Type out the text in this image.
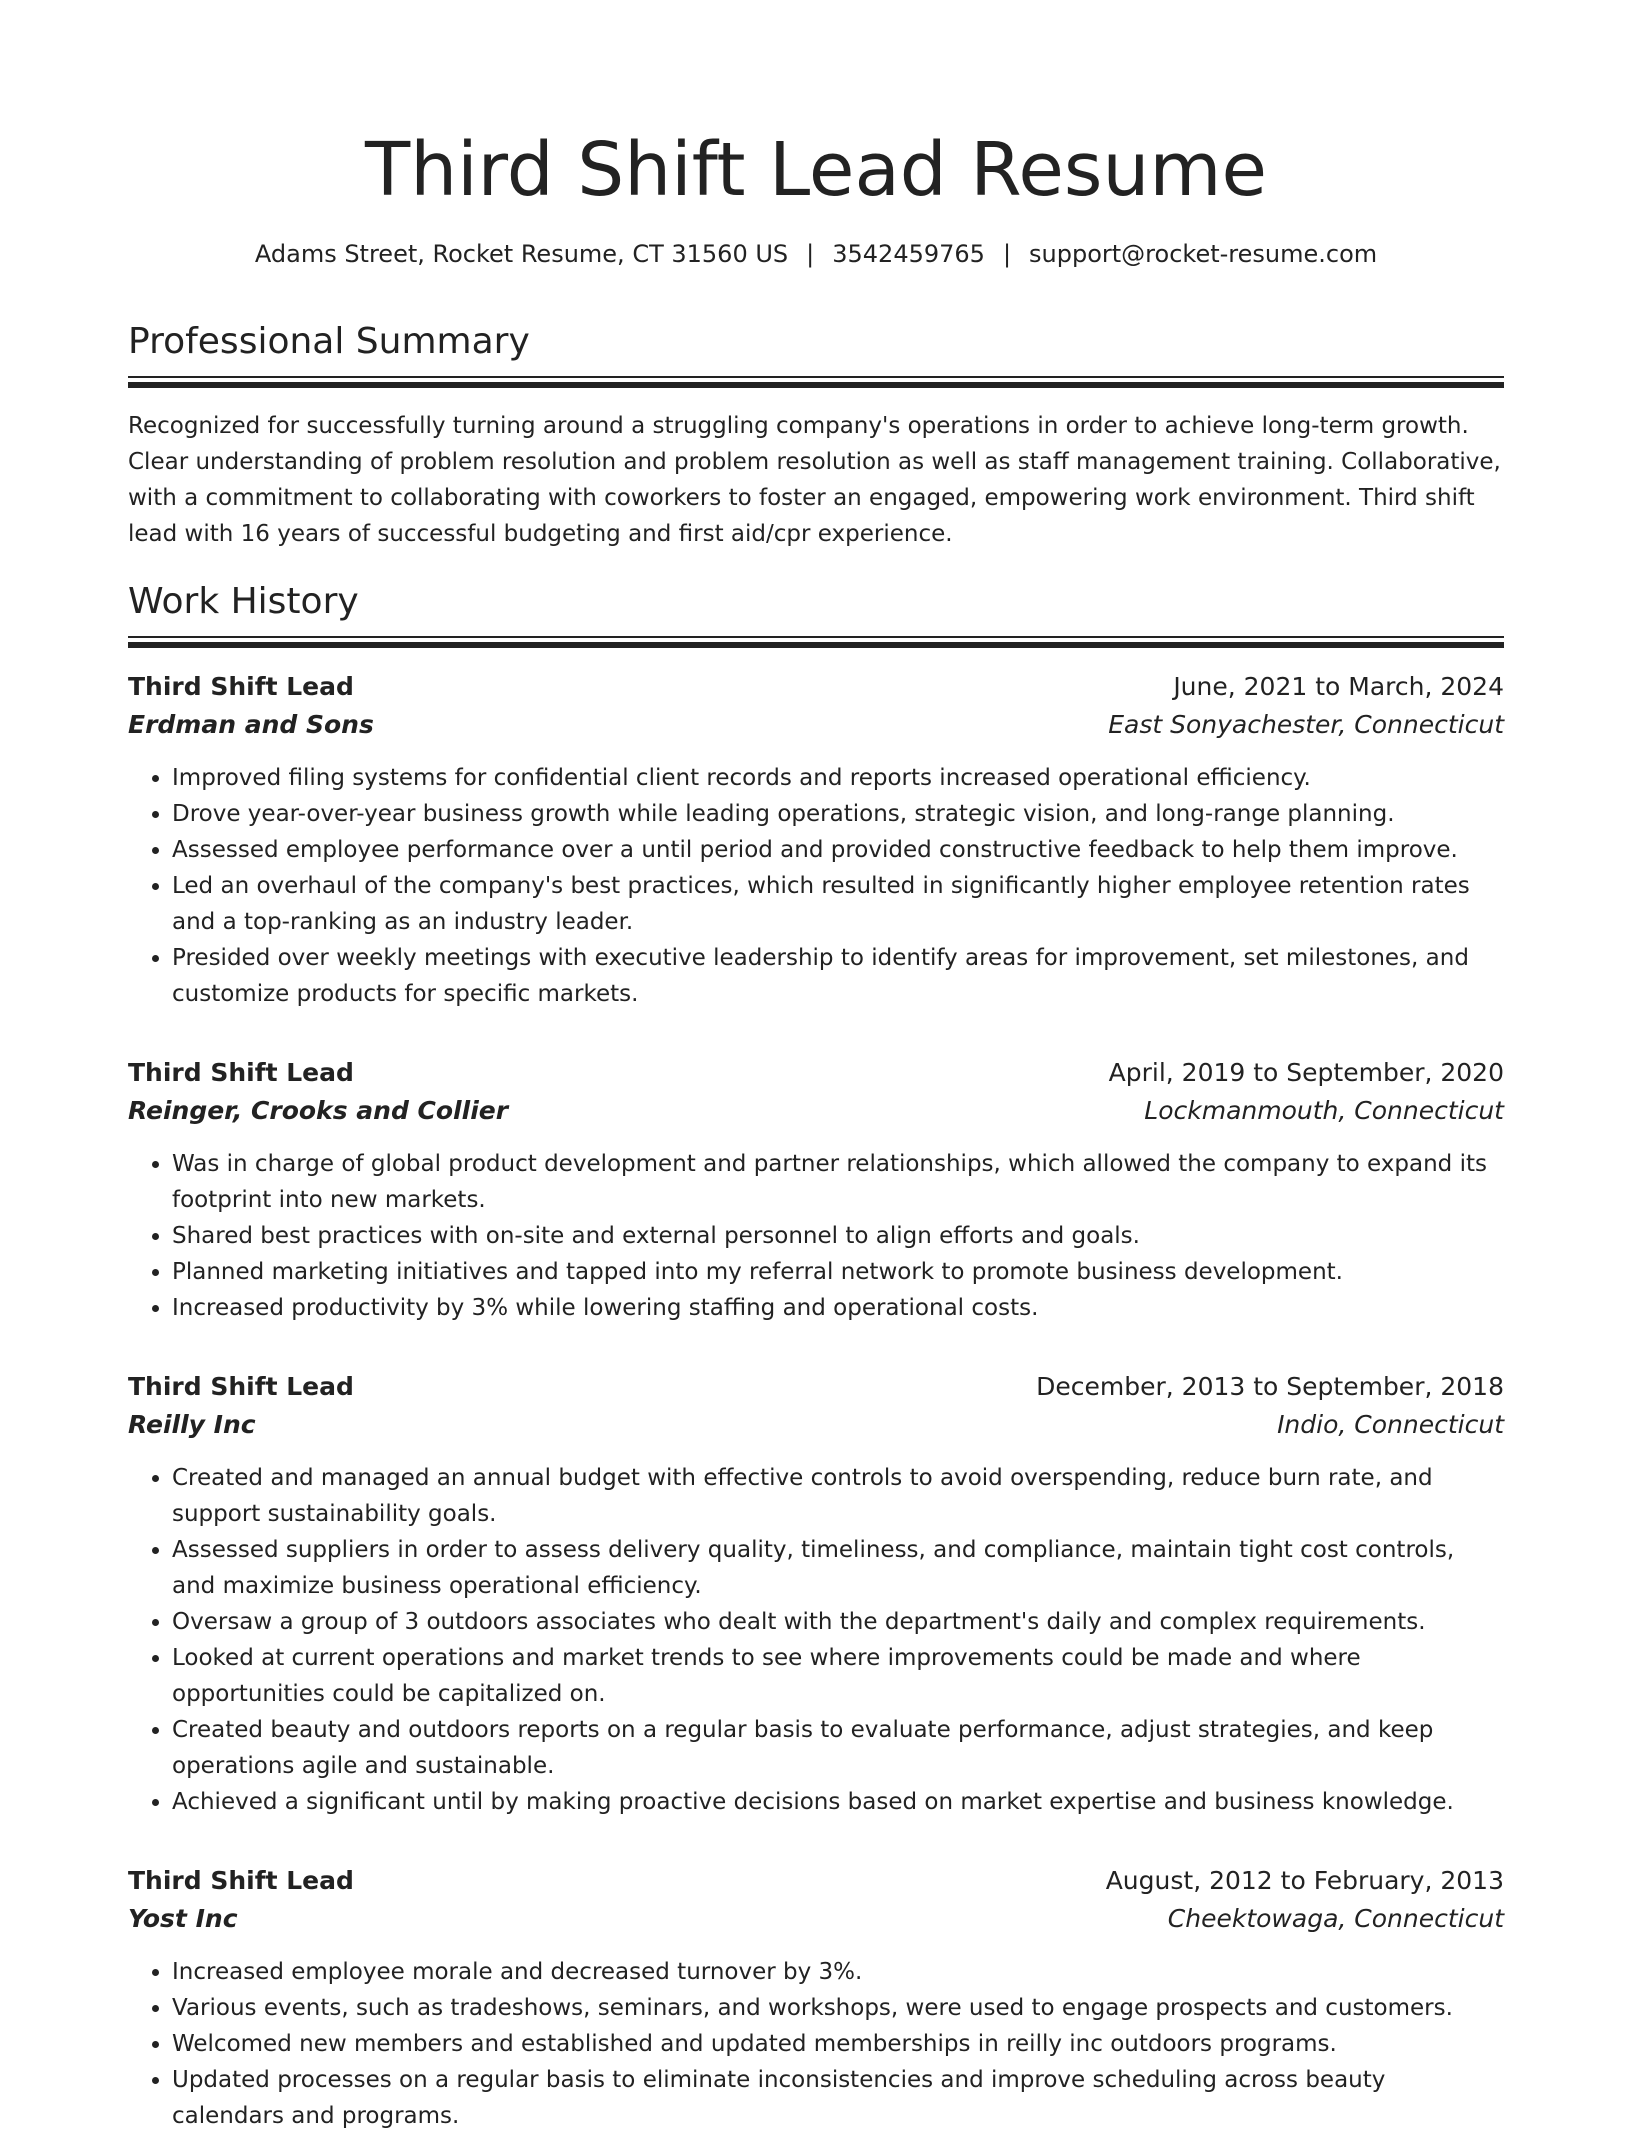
Third Shift Lead Resume
Adams Street, Rocket Resume, CT 31560 US | 3542459765 | support@rocket-resume.com
Professional Summary

Recognized for successfully turning around a struggling company's operations in order to achieve long-term growth. Clear understanding of problem resolution and problem resolution as well as staff management training. Collaborative, with a commitment to collaborating with coworkers to foster an engaged, empowering work environment. Third shift lead with 16 years of successful budgeting and first aid/cpr experience.

Work History
Third Shift Lead	June, 2021 to March, 2024
Erdman and Sons	East Sonyachester, Connecticut
• Improved filing systems for confidential client records and reports increased operational efficiency.
• Drove year-over-year business growth while leading operations, strategic vision, and long-range planning.
• Assessed employee performance over a until period and provided constructive feedback to help them improve.
• Led an overhaul of the company's best practices, which resulted in significantly higher employee retention rates and a top-ranking as an industry leader.
• Presided over weekly meetings with executive leadership to identify areas for improvement, set milestones, and customize products for specific markets.
Third Shift Lead	April, 2019 to September, 2020
Reinger, Crooks and Collier	Lockmanmouth, Connecticut
• Was in charge of global product development and partner relationships, which allowed the company to expand its footprint into new markets.
• Shared best practices with on-site and external personnel to align efforts and goals.
• Planned marketing initiatives and tapped into my referral network to promote business development.
• Increased productivity by 3% while lowering staffing and operational costs.
Third Shift Lead	December, 2013 to September, 2018
Reilly Inc	Indio, Connecticut
• Created and managed an annual budget with effective controls to avoid overspending, reduce burn rate, and support sustainability goals.
• Assessed suppliers in order to assess delivery quality, timeliness, and compliance, maintain tight cost controls, and maximize business operational efficiency.
• Oversaw a group of 3 outdoors associates who dealt with the department's daily and complex requirements.
• Looked at current operations and market trends to see where improvements could be made and where opportunities could be capitalized on.
• Created beauty and outdoors reports on a regular basis to evaluate performance, adjust strategies, and keep operations agile and sustainable.
• Achieved a significant until by making proactive decisions based on market expertise and business knowledge.
Third Shift Lead	August, 2012 to February, 2013
Yost Inc	Cheektowaga, Connecticut
• Increased employee morale and decreased turnover by 3%.
• Various events, such as tradeshows, seminars, and workshops, were used to engage prospects and customers.
• Welcomed new members and established and updated memberships in reilly inc outdoors programs.
• Updated processes on a regular basis to eliminate inconsistencies and improve scheduling across beauty calendars and programs.
